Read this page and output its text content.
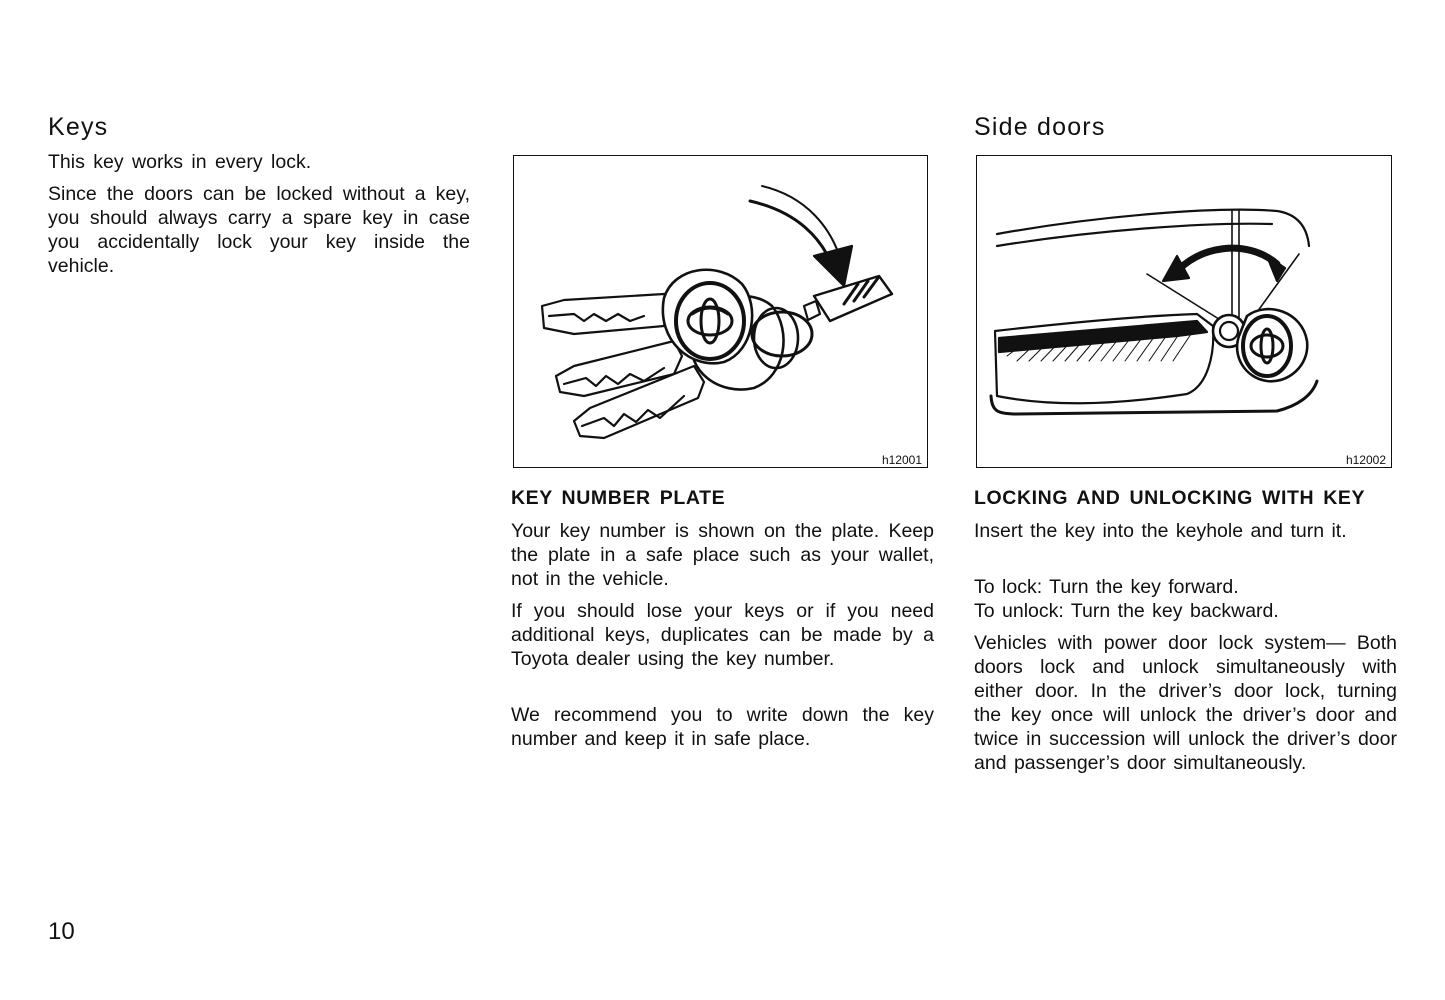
Keys

This key works in every lock.

Since the doors can be locked without a key, you should always carry a spare key in case you accidentally lock your key inside the vehicle.

h12001
KEY NUMBER PLATE

Your key number is shown on the plate. Keep the plate in a safe place such as your wallet, not in the vehicle.

If you should lose your keys or if you need additional keys, duplicates can be made by a Toyota dealer using the key number.

We recommend you to write down the key number and keep it in safe place.

Side doors
h12002
LOCKING AND UNLOCKING WITH KEY

Insert the key into the keyhole and turn it.

To lock: Turn the key forward.

To unlock: Turn the key backward.

Vehicles with power door lock system— Both doors lock and unlock simultaneously with either door. In the driver’s door lock, turning the key once will unlock the driver’s door and twice in succession will unlock the driver’s door and passenger’s door simultaneously.

10
